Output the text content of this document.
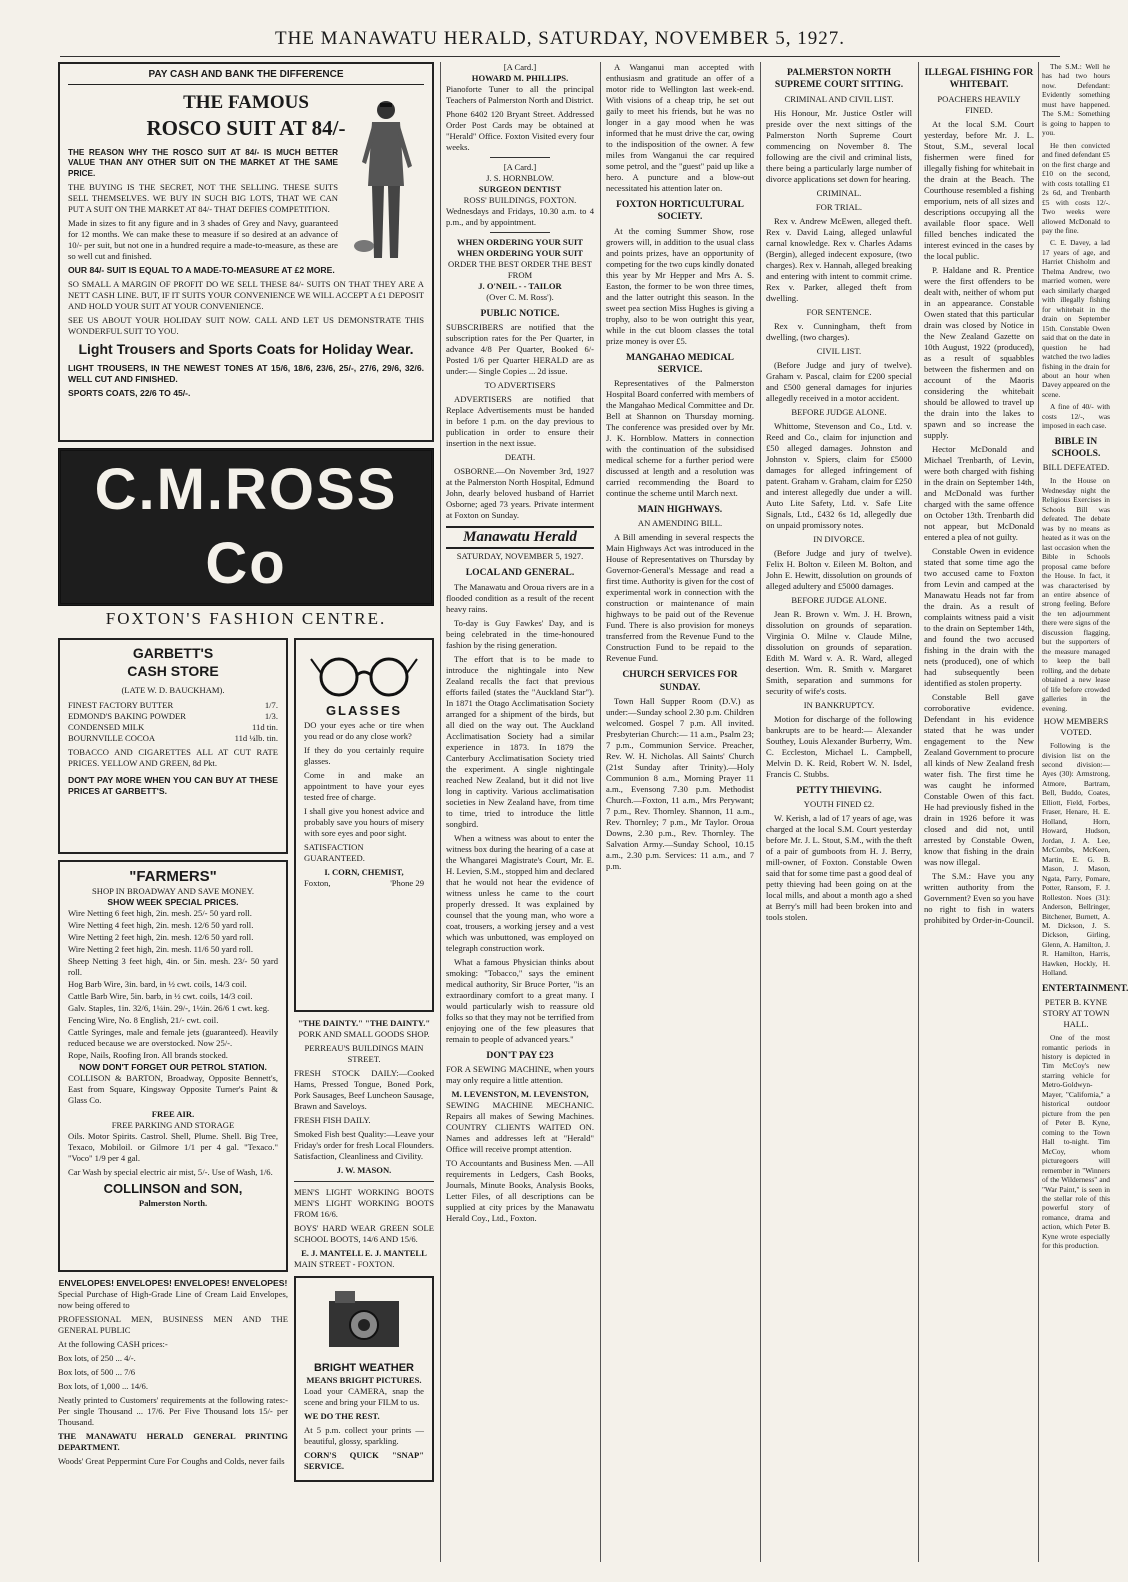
THE MANAWATU HERALD, SATURDAY, NOVEMBER 5, 1927.
PAY CASH AND BANK THE DIFFERENCE
THE FAMOUS
ROSCO SUIT AT 84/-

THE REASON WHY THE ROSCO SUIT AT 84/- IS MUCH BETTER VALUE THAN ANY OTHER SUIT ON THE MARKET AT THE SAME PRICE.

THE BUYING IS THE SECRET, NOT THE SELLING. THESE SUITS SELL THEMSELVES. WE BUY IN SUCH BIG LOTS, THAT WE CAN PUT A SUIT ON THE MARKET AT 84/- THAT DEFIES COMPETITION.

Made in sizes to fit any figure and in 3 shades of Grey and Navy, guaranteed for 12 months. We can make these to measure if so desired at an advance of 10/- per suit, but not one in a hundred require a made-to-measure, as these are so well cut and finished.

OUR 84/- SUIT IS EQUAL TO A MADE-TO-MEASURE AT £2 MORE.

SO SMALL A MARGIN OF PROFIT DO WE SELL THESE 84/- SUITS ON THAT THEY ARE A NETT CASH LINE. BUT, IF IT SUITS YOUR CONVENIENCE WE WILL ACCEPT A £1 DEPOSIT AND HOLD YOUR SUIT AT YOUR CONVENIENCE.

SEE US ABOUT YOUR HOLIDAY SUIT NOW. CALL AND LET US DEMONSTRATE THIS WONDERFUL SUIT TO YOU.

Light Trousers and Sports Coats for Holiday Wear.

LIGHT TROUSERS, IN THE NEWEST TONES AT 15/6, 18/6, 23/6, 25/-, 27/6, 29/6, 32/6. WELL CUT AND FINISHED.

SPORTS COATS, 22/6 TO 45/-.

C.M.ROSS Co
FOXTON'S FASHION CENTRE.
GARBETT'S
CASH STORE
(LATE W. D. BAUCKHAM).
FINEST FACTORY BUTTER	1/7.
EDMOND'S BAKING POWDER	1/3.
CONDENSED MILK	11d tin.
BOURNVILLE COCOA	11d ¼lb. tin.

TOBACCO AND CIGARETTES ALL AT CUT RATE PRICES. YELLOW AND GREEN, 8d Pkt.

DON'T PAY MORE WHEN YOU CAN BUY AT THESE PRICES AT GARBETT'S.

"FARMERS"
SHOP IN BROADWAY AND SAVE MONEY.
SHOW WEEK SPECIAL PRICES.

Wire Netting 6 feet high, 2in. mesh. 25/- 50 yard roll.

Wire Netting 4 feet high, 2in. mesh. 12/6 50 yard roll.

Wire Netting 2 feet high, 2in. mesh. 12/6 50 yard roll.

Wire Netting 2 feet high, 2in. mesh. 11/6 50 yard roll.

Sheep Netting 3 feet high, 4in. or 5in. mesh. 23/- 50 yard roll.

Hog Barb Wire, 3in. bard, in ½ cwt. coils, 14/3 coil.

Cattle Barb Wire, 5in. barb, in ½ cwt. coils, 14/3 coil.

Galv. Staples, 1in. 32/6, 1¼in. 29/-, 1½in. 26/6 1 cwt. keg.

Fencing Wire, No. 8 English, 21/- cwt. coil.

Cattle Syringes, male and female jets (guaranteed). Heavily reduced because we are overstocked. Now 25/-.

Rope, Nails, Roofing Iron. All brands stocked.

NOW DON'T FORGET OUR PETROL STATION.

COLLISON & BARTON, Broadway, Opposite Bennett's, East from Square, Kingsway Opposite Turner's Paint & Glass Co.

FREE AIR.
FREE PARKING AND STORAGE

Oils. Motor Spirits. Castrol. Shell, Plume. Shell. Big Tree, Texaco, Mobiloil. or Gilmore 1/1 per 4 gal. "Texaco." "Voco" 1/9 per 4 gal.

Car Wash by special electric air mist, 5/-. Use of Wash, 1/6.

COLLINSON and SON,
Palmerston North.
ENVELOPES! ENVELOPES! ENVELOPES! ENVELOPES!

Special Purchase of High-Grade Line of Cream Laid Envelopes, now being offered to

PROFESSIONAL MEN, BUSINESS MEN AND THE GENERAL PUBLIC

At the following CASH prices:-

Box lots, of 250 ... 4/-.

Box lots, of 500 ... 7/6

Box lots, of 1,000 ... 14/6.

Neatly printed to Customers' requirements at the following rates:- Per single Thousand ... 17/6. Per Five Thousand lots 15/- per Thousand.

THE MANAWATU HERALD GENERAL PRINTING DEPARTMENT.

Woods' Great Peppermint Cure For Coughs and Colds, never fails

GLASSES

DO your eyes ache or tire when you read or do any close work?

If they do you certainly require glasses.

Come in and make an appointment to have your eyes tested free of charge.

I shall give you honest advice and probably save you hours of misery with sore eyes and poor sight.

SATISFACTION GUARANTEED.

I. CORN, CHEMIST,
Foxton,	'Phone 29
"THE DAINTY." "THE DAINTY."
PORK AND SMALL GOODS SHOP.
PERREAU'S BUILDINGS MAIN STREET.

FRESH STOCK DAILY:—Cooked Hams, Pressed Tongue, Boned Pork, Pork Sausages, Beef Luncheon Sausage, Brawn and Saveloys.

FRESH FISH DAILY.

Smoked Fish best Quality:—Leave your Friday's order for fresh Local Flounders. Satisfaction, Cleanliness and Civility.

J. W. MASON.

MEN'S LIGHT WORKING BOOTS MEN'S LIGHT WORKING BOOTS FROM 16/6.

BOYS' HARD WEAR GREEN SOLE SCHOOL BOOTS, 14/6 AND 15/6.

E. J. MANTELL E. J. MANTELL
MAIN STREET - FOXTON.
BRIGHT WEATHER
MEANS BRIGHT PICTURES.

Load your CAMERA, snap the scene and bring your FILM to us.

WE DO THE REST.

At 5 p.m. collect your prints —beautiful, glossy, sparkling.

CORN'S QUICK "SNAP" SERVICE.

[A Card.]
HOWARD M. PHILLIPS.

Pianoforte Tuner to all the principal Teachers of Palmerston North and District.

Phone 6402 120 Bryant Street. Addressed Order Post Cards may be obtained at "Herald" Office. Foxton Visited every four weeks.

[A Card.]
J. S. HORNBLOW.
SURGEON DENTIST
ROSS' BUILDINGS, FOXTON.

Wednesdays and Fridays, 10.30 a.m. to 4 p.m., and by appointment.

WHEN ORDERING YOUR SUIT WHEN ORDERING YOUR SUIT
ORDER THE BEST ORDER THE BEST
FROM
J. O'NEIL - - TAILOR
(Over C. M. Ross').
PUBLIC NOTICE.

SUBSCRIBERS are notified that the subscription rates for the Per Quarter, in advance 4/8 Per Quarter, Booked 6/- Posted 1/6 per Quarter HERALD are as under:— Single Copies ... 2d issue.

TO ADVERTISERS

ADVERTISERS are notified that Replace Advertisements must be handed in before 1 p.m. on the day previous to publication in order to ensure their insertion in the next issue.

DEATH.

OSBORNE.—On November 3rd, 1927 at the Palmerston North Hospital, Edmund John, dearly beloved husband of Harriet Osborne; aged 73 years. Private interment at Foxton on Sunday.

Manawatu Herald
SATURDAY, NOVEMBER 5, 1927.
LOCAL AND GENERAL.

The Manawatu and Oroua rivers are in a flooded condition as a result of the recent heavy rains.

To-day is Guy Fawkes' Day, and is being celebrated in the time-honoured fashion by the rising generation.

The effort that is to be made to introduce the nightingale into New Zealand recalls the fact that previous efforts failed (states the "Auckland Star"). In 1871 the Otago Acclimatisation Society arranged for a shipment of the birds, but all died on the way out. The Auckland Acclimatisation Society had a similar experience in 1873. In 1879 the Canterbury Acclimatisation Society tried the experiment. A single nightingale reached New Zealand, but it did not live long in captivity. Various acclimatisation societies in New Zealand have, from time to time, tried to introduce the little songbird.

When a witness was about to enter the witness box during the hearing of a case at the Whangarei Magistrate's Court, Mr. E. H. Levien, S.M., stopped him and declared that he would not hear the evidence of witness unless he came to the court properly dressed. It was explained by counsel that the young man, who wore a coat, trousers, a working jersey and a vest which was unbuttoned, was employed on telegraph construction work.

What a famous Physician thinks about smoking: "Tobacco," says the eminent medical authority, Sir Bruce Porter, "is an extraordinary comfort to a great many. I would particularly wish to reassure old folks so that they may not be terrified from enjoying one of the few pleasures that remain to people of advanced years."

DON'T PAY £23

FOR A SEWING MACHINE, when yours may only require a little attention.

M. LEVENSTON, M. LEVENSTON,

SEWING MACHINE MECHANIC. Repairs all makes of Sewing Machines. COUNTRY CLIENTS WAITED ON. Names and addresses left at "Herald" Office will receive prompt attention.

TO Accountants and Business Men. —All requirements in Ledgers, Cash Books, Journals, Minute Books, Analysis Books, Letter Files, of all descriptions can be supplied at city prices by the Manawatu Herald Coy., Ltd., Foxton.

A Wanganui man accepted with enthusiasm and gratitude an offer of a motor ride to Wellington last week-end. With visions of a cheap trip, he set out gaily to meet his friends, but he was no longer in a gay mood when he was informed that he must drive the car, owing to the indisposition of the owner. A few miles from Wanganui the car required some petrol, and the "guest" paid up like a hero. A puncture and a blow-out necessitated his attention later on.

FOXTON HORTICULTURAL SOCIETY.

At the coming Summer Show, rose growers will, in addition to the usual class and points prizes, have an opportunity of competing for the two cups kindly donated this year by Mr Hepper and Mrs A. S. Easton, the former to be won three times, and the latter outright this season. In the sweet pea section Miss Hughes is giving a trophy, also to be won outright this year, while in the cut bloom classes the total prize money is over £5.

MANGAHAO MEDICAL SERVICE.

Representatives of the Palmerston Hospital Board conferred with members of the Mangahao Medical Committee and Dr. Bell at Shannon on Thursday morning. The conference was presided over by Mr. J. K. Hornblow. Matters in connection with the continuation of the subsidised medical scheme for a further period were discussed at length and a resolution was carried recommending the Board to continue the scheme until March next.

MAIN HIGHWAYS.
AN AMENDING BILL.

A Bill amending in several respects the Main Highways Act was introduced in the House of Representatives on Thursday by Governor-General's Message and read a first time. Authority is given for the cost of experimental work in connection with the construction or maintenance of main highways to be paid out of the Revenue Fund. There is also provision for moneys transferred from the Revenue Fund to the Construction Fund to be repaid to the Revenue Fund.

CHURCH SERVICES FOR SUNDAY.

Town Hall Supper Room (D.V.) as under:—Sunday school 2.30 p.m. Children welcomed. Gospel 7 p.m. All invited. Presbyterian Church:— 11 a.m., Psalm 23; 7 p.m., Communion Service. Preacher, Rev. W. H. Nicholas. All Saints' Church (21st Sunday after Trinity).—Holy Communion 8 a.m., Morning Prayer 11 a.m., Evensong 7.30 p.m. Methodist Church.—Foxton, 11 a.m., Mrs Perywant; 7 p.m., Rev. Thornley. Shannon, 11 a.m., Rev. Thornley; 7 p.m., Mr Taylor. Oroua Downs, 2.30 p.m., Rev. Thornley. The Salvation Army.—Sunday School, 10.15 a.m., 2.30 p.m. Services: 11 a.m., and 7 p.m.

PALMERSTON NORTH SUPREME COURT SITTING.
CRIMINAL AND CIVIL LIST.

His Honour, Mr. Justice Ostler will preside over the next sittings of the Palmerston North Supreme Court commencing on November 8. The following are the civil and criminal lists, there being a particularly large number of divorce applications set down for hearing.

CRIMINAL.
FOR TRIAL.

Rex v. Andrew McEwen, alleged theft. Rex v. David Laing, alleged unlawful carnal knowledge. Rex v. Charles Adams (Bergin), alleged indecent exposure, (two charges). Rex v. Hannah, alleged breaking and entering with intent to commit crime. Rex v. Parker, alleged theft from dwelling.

FOR SENTENCE.

Rex v. Cunningham, theft from dwelling, (two charges).

CIVIL LIST.

(Before Judge and jury of twelve). Graham v. Pascal, claim for £200 special and £500 general damages for injuries allegedly received in a motor accident.

BEFORE JUDGE ALONE.

Whittome, Stevenson and Co., Ltd. v. Reed and Co., claim for injunction and £50 alleged damages. Johnston and Johnston v. Spiers, claim for £5000 damages for alleged infringement of patent. Graham v. Graham, claim for £250 and interest allegedly due under a will. Auto Lite Safety, Ltd. v. Safe Lite Signals, Ltd., £432 6s 1d, allegedly due on unpaid promissory notes.

IN DIVORCE.

(Before Judge and jury of twelve). Felix H. Bolton v. Eileen M. Bolton, and John E. Hewitt, dissolution on grounds of alleged adultery and £5000 damages.

BEFORE JUDGE ALONE.

Jean R. Brown v. Wm. J. H. Brown, dissolution on grounds of separation. Virginia O. Milne v. Claude Milne, dissolution on grounds of separation. Edith M. Ward v. A. R. Ward, alleged desertion. Wm. R. Smith v. Margaret Smith, separation and summons for security of wife's costs.

IN BANKRUPTCY.

Motion for discharge of the following bankrupts are to be heard:— Alexander Southey, Louis Alexander Burberry, Wm. C. Eccleston, Michael L. Campbell, Melvin D. K. Reid, Robert W. N. Isdel, Francis C. Stubbs.

PETTY THIEVING.
YOUTH FINED £2.

W. Kerish, a lad of 17 years of age, was charged at the local S.M. Court yesterday before Mr. J. L. Stout, S.M., with the theft of a pair of gumboots from H. J. Berry, mill-owner, of Foxton. Constable Owen said that for some time past a good deal of petty thieving had been going on at the local mills, and about a month ago a shed at Berry's mill had been broken into and tools stolen.

ILLEGAL FISHING FOR WHITEBAIT.
POACHERS HEAVILY FINED.

At the local S.M. Court yesterday, before Mr. J. L. Stout, S.M., several local fishermen were fined for illegally fishing for whitebait in the drain at the Beach. The Courthouse resembled a fishing emporium, nets of all sizes and descriptions occupying all the available floor space. Well filled benches indicated the interest evinced in the cases by the local public.

P. Haldane and R. Prentice were the first offenders to be dealt with, neither of whom put in an appearance. Constable Owen stated that this particular drain was closed by Notice in the New Zealand Gazette on 10th August, 1922 (produced), as a result of squabbles between the fishermen and on account of the Maoris considering the whitebait should be allowed to travel up the drain into the lakes to spawn and so increase the supply.

Hector McDonald and Michael Trenbarth, of Levin, were both charged with fishing in the drain on September 14th, and McDonald was further charged with the same offence on October 13th. Trenbarth did not appear, but McDonald entered a plea of not guilty.

Constable Owen in evidence stated that some time ago the two accused came to Foxton from Levin and camped at the Manawatu Heads not far from the drain. As a result of complaints witness paid a visit to the drain on September 14th, and found the two accused fishing in the drain with the nets (produced), one of which had subsequently been identified as stolen property.

Constable Bell gave corroborative evidence. Defendant in his evidence stated that he was under engagement to the New Zealand Government to procure all kinds of New Zealand fresh water fish. The first time he was caught he informed Constable Owen of this fact. He had previously fished in the drain in 1926 before it was closed and did not, until arrested by Constable Owen, know that fishing in the drain was now illegal.

The S.M.: Have you any written authority from the Government? Even so you have no right to fish in waters prohibited by Order-in-Council.

The S.M.: Well he has had two hours now. Defendant: Evidently something must have happened. The S.M.: Something is going to happen to you.

He then convicted and fined defendant £5 on the first charge and £10 on the second, with costs totalling £1 2s 6d, and Trenbarth £5 with costs 12/-. Two weeks were allowed McDonald to pay the fine.

C. E. Davey, a lad 17 years of age, and Harriet Chisholm and Thelma Andrew, two married women, were each similarly charged with illegally fishing for whitebait in the drain on September 15th. Constable Owen said that on the date in question he had watched the two ladies fishing in the drain for about an hour when Davey appeared on the scene.

A fine of 40/- with costs 12/-, was imposed in each case.

BIBLE IN SCHOOLS.
BILL DEFEATED.

In the House on Wednesday night the Religious Exercises in Schools Bill was defeated. The debate was by no means as heated as it was on the last occasion when the Bible in Schools proposal came before the House. In fact, it was characterised by an entire absence of strong feeling. Before the ten adjournment there were signs of the discussion flagging, but the supporters of the measure managed to keep the ball rolling, and the debate obtained a new lease of life before crowded galleries in the evening.

HOW MEMBERS VOTED.

Following is the division list on the second division:— Ayes (30): Armstrong, Atmore, Bartram, Bell, Buddo, Coates, Elliott, Field, Forbes, Fraser, Henare, H. E. Holland, Horn, Howard, Hudson, Jordan, J. A. Lee, McCombs, McKeen, Martin, E. G. B. Mason, J. Mason, Ngata, Parry, Pomare, Potter, Ransom, F. J. Rolleston. Noes (31): Anderson, Bellringer, Bitchener, Burnett, A. M. Dickson, J. S. Dickson, Girling, Glenn, A. Hamilton, J. R. Hamilton, Harris, Hawken, Hockly, H. Holland.

ENTERTAINMENT.
PETER B. KYNE STORY AT TOWN HALL.

One of the most romantic periods in history is depicted in Tim McCoy's new starring vehicle for Metro-Goldwyn-Mayer, "California," a historical outdoor picture from the pen of Peter B. Kyne, coming to the Town Hall to-night. Tim McCoy, whom picturegoers will remember in "Winners of the Wilderness" and "War Paint," is seen in the stellar role of this powerful story of romance, drama and action, which Peter B. Kyne wrote especially for this production.
